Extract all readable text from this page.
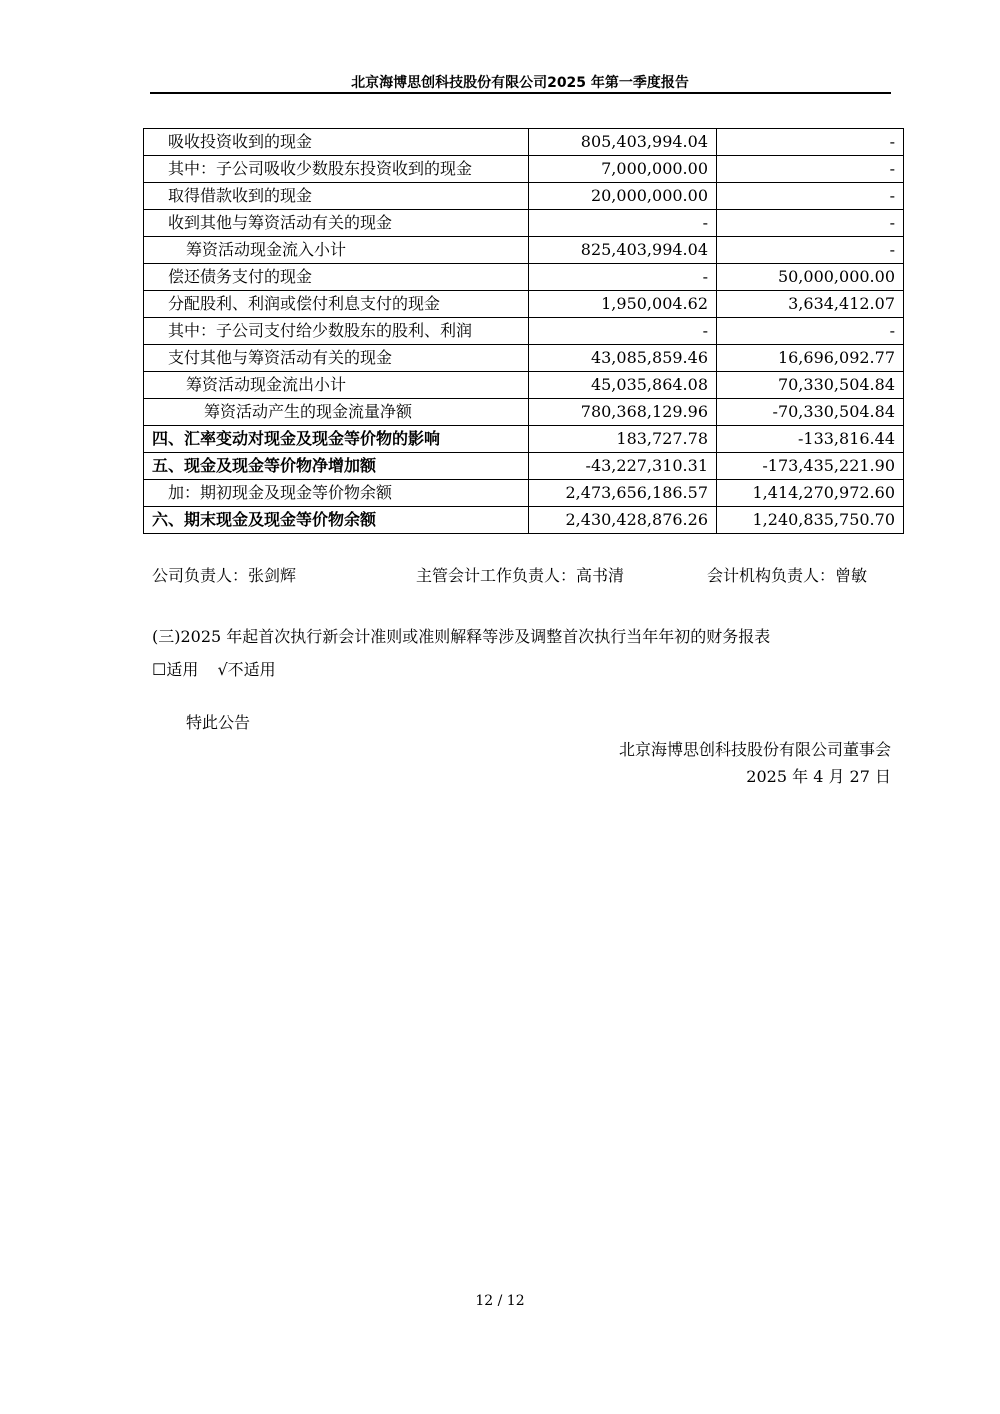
北京海博思创科技股份有限公司2025 年第一季度报告
吸收投资收到的现金	805,403,994.04	-
其中：子公司吸收少数股东投资收到的现金	7,000,000.00	-
取得借款收到的现金	20,000,000.00	-
收到其他与筹资活动有关的现金	-	-
筹资活动现金流入小计	825,403,994.04	-
偿还债务支付的现金	-	50,000,000.00
分配股利、利润或偿付利息支付的现金	1,950,004.62	3,634,412.07
其中：子公司支付给少数股东的股利、利润	-	-
支付其他与筹资活动有关的现金	43,085,859.46	16,696,092.77
筹资活动现金流出小计	45,035,864.08	70,330,504.84
筹资活动产生的现金流量净额	780,368,129.96	-70,330,504.84
四、汇率变动对现金及现金等价物的影响	183,727.78	-133,816.44
五、现金及现金等价物净增加额	-43,227,310.31	-173,435,221.90
加：期初现金及现金等价物余额	2,473,656,186.57	1,414,270,972.60
六、期末现金及现金等价物余额	2,430,428,876.26	1,240,835,750.70
公司负责人：张剑辉	主管会计工作负责人：高书清	会计机构负责人：曾敏
(三)2025 年起首次执行新会计准则或准则解释等涉及调整首次执行当年年初的财务报表
☐适用 √不适用
特此公告
北京海博思创科技股份有限公司董事会
2025 年 4 月 27 日
12 / 12
